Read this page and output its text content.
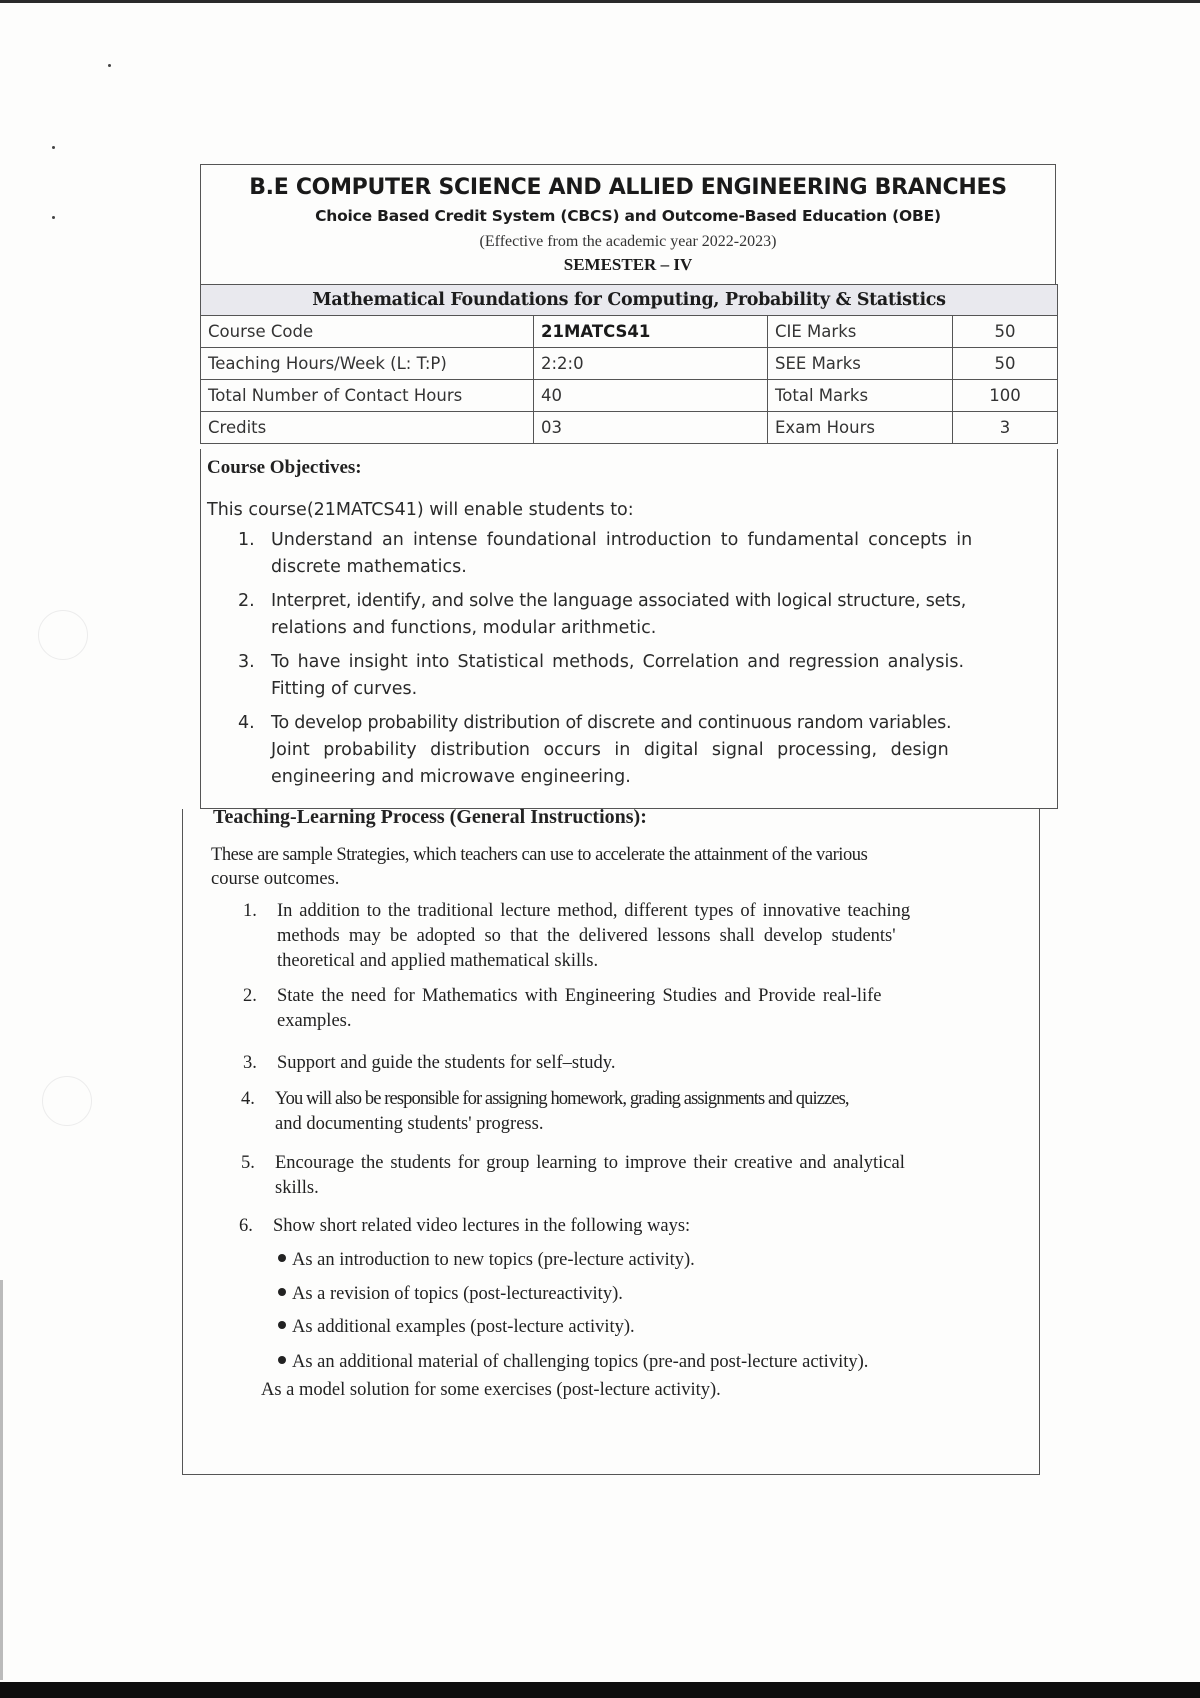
B.E COMPUTER SCIENCE AND ALLIED ENGINEERING BRANCHES
Choice Based Credit System (CBCS) and Outcome-Based Education (OBE)
(Effective from the academic year 2022-2023)
SEMESTER – IV
Mathematical Foundations for Computing, Probability & Statistics
Course Code	21MATCS41	CIE Marks	50
Teaching Hours/Week (L: T:P)	2:2:0	SEE Marks	50
Total Number of Contact Hours	40	Total Marks	100
Credits	03	Exam Hours	3
Course Objectives:
This course(21MATCS41) will enable students to:
1. Understand an intense foundational introduction to fundamental concepts in
discrete mathematics.
2. Interpret, identify, and solve the language associated with logical structure, sets,
relations and functions, modular arithmetic.
3. To have insight into Statistical methods, Correlation and regression analysis.
Fitting of curves.
4. To develop probability distribution of discrete and continuous random variables.
Joint probability distribution occurs in digital signal processing, design
engineering and microwave engineering.
Teaching-Learning Process (General Instructions):
These are sample Strategies, which teachers can use to accelerate the attainment of the various
course outcomes.
1. In addition to the traditional lecture method, different types of innovative teaching
methods may be adopted so that the delivered lessons shall develop students'
theoretical and applied mathematical skills.
2. State the need for Mathematics with Engineering Studies and Provide real-life
examples.
3. Support and guide the students for self–study.
4. You will also be responsible for assigning homework, grading assignments and quizzes,
and documenting students' progress.
5. Encourage the students for group learning to improve their creative and analytical
skills.
6. Show short related video lectures in the following ways:
As an introduction to new topics (pre-lecture activity).
As a revision of topics (post-lectureactivity).
As additional examples (post-lecture activity).
As an additional material of challenging topics (pre-and post-lecture activity).
As a model solution for some exercises (post-lecture activity).
